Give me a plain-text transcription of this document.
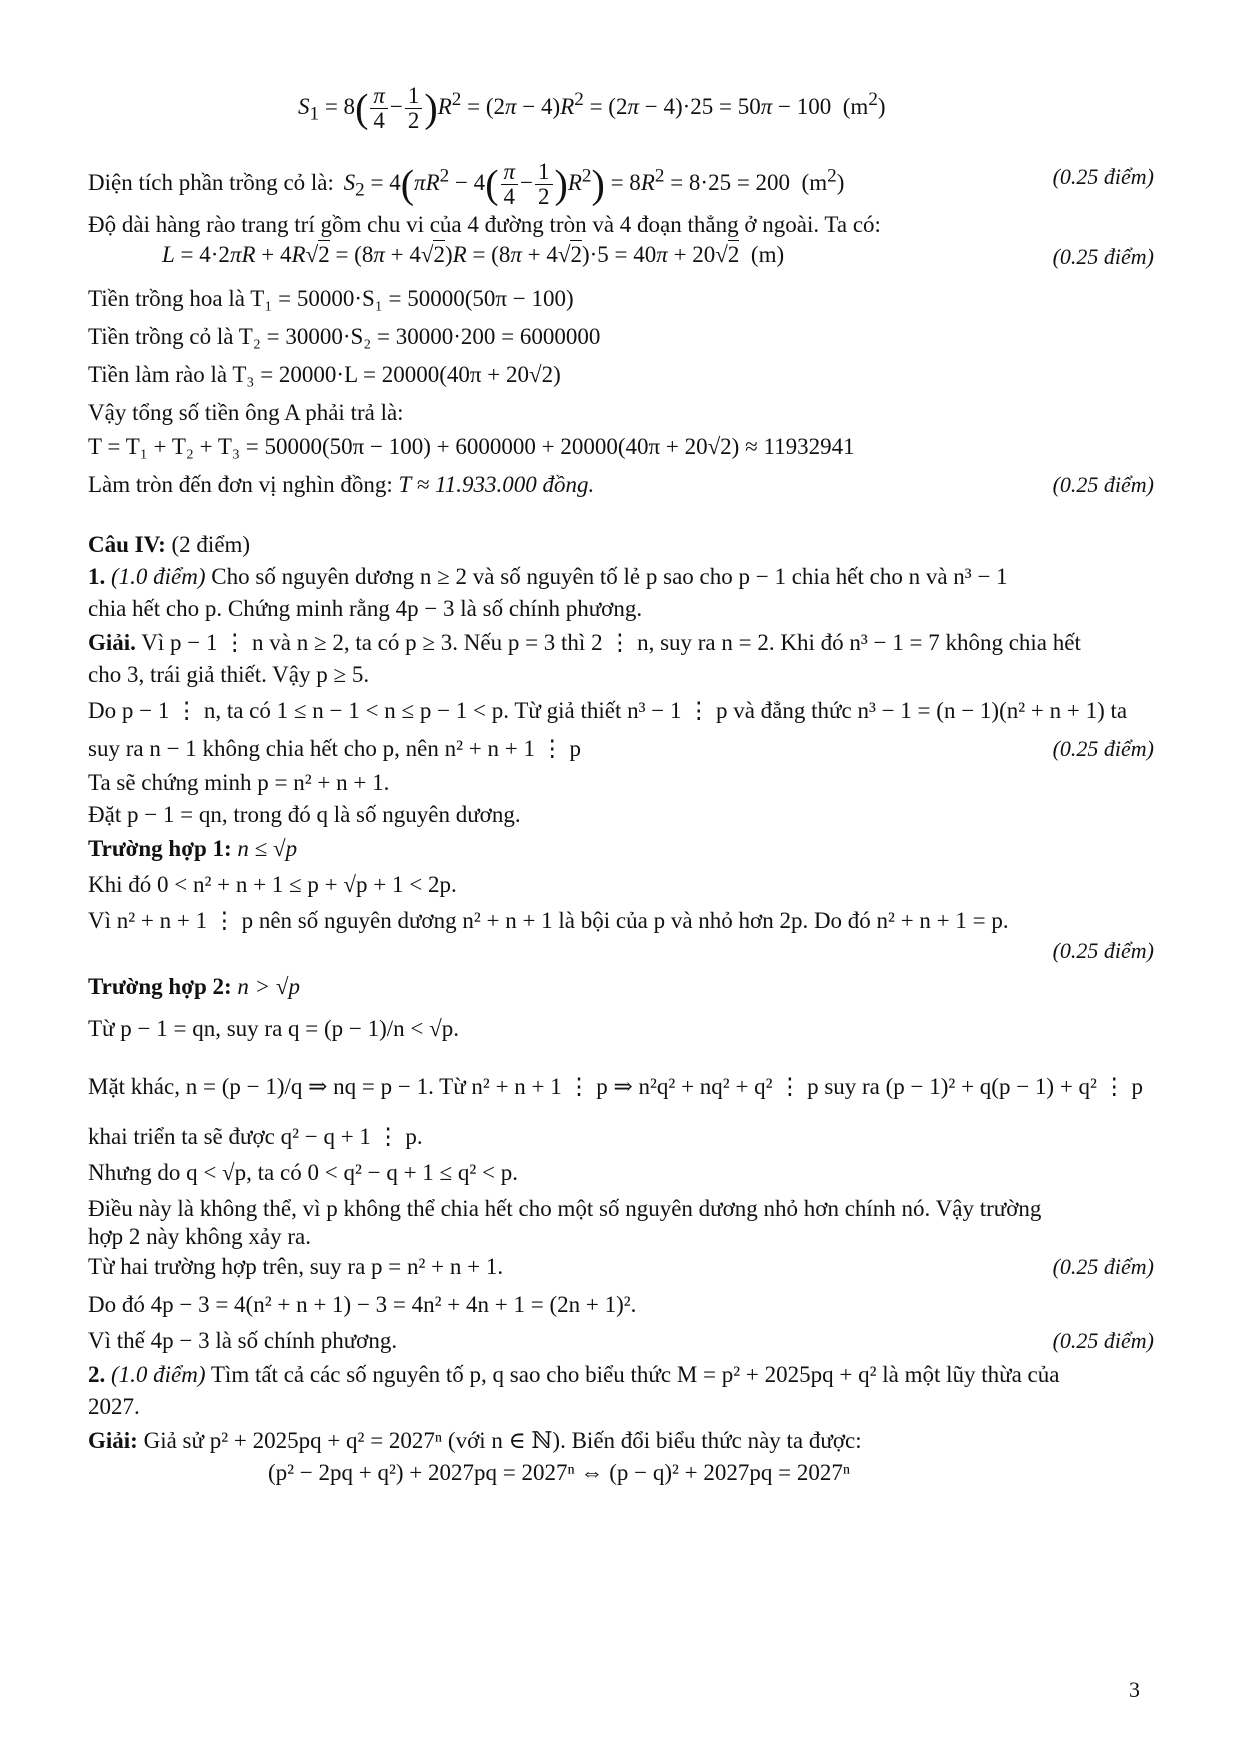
$S_1 = 8( \frac{\pi}{4} - \frac{1}{2} )R^2 = (2\pi - 4)R^2 = (2\pi - 4)\cdot 25 = 50\pi - 100$  $(m^2)$
Diện tích phần trồng cỏ là: $S_2 = 4(\pi R^2 - 4( \frac{\pi}{4} - \frac{1}{2} )R^2) = 8R^2 = 8\cdot 25 = 200$  $(m^2)$	(0.25 điểm)
Độ dài hàng rào trang trí gồm chu vi của 4 đường tròn và 4 đoạn thẳng ở ngoài. Ta có:
L = 4·2πR + 4R√2 = (8π + 4√2)R = (8π + 4√2)·5 = 40π + 20√2  (m)	(0.25 điểm)
Tiền trồng hoa là T₁ = 50000·S₁ = 50000(50π − 100)
Tiền trồng cỏ là T₂ = 30000·S₂ = 30000·200 = 6000000
Tiền làm rào là T₃ = 20000·L = 20000(40π + 20√2)
Vậy tổng số tiền ông A phải trả là:
T = T₁ + T₂ + T₃ = 50000(50π − 100) + 6000000 + 20000(40π + 20√2) ≈ 11932941
Làm tròn đến đơn vị nghìn đồng: T ≈ 11.933.000 đồng.	(0.25 điểm)
Câu IV: (2 điểm)
1. (1.0 điểm) Cho số nguyên dương n ≥ 2 và số nguyên tố lẻ p sao cho p − 1 chia hết cho n và n³ − 1
chia hết cho p. Chứng minh rằng 4p − 3 là số chính phương.
Giải. Vì p − 1 ⋮ n và n ≥ 2, ta có p ≥ 3. Nếu p = 3 thì 2 ⋮ n, suy ra n = 2. Khi đó n³ − 1 = 7 không chia hết
cho 3, trái giả thiết. Vậy p ≥ 5.
Do p − 1 ⋮ n, ta có 1 ≤ n − 1 < n ≤ p − 1 < p. Từ giả thiết n³ − 1 ⋮ p và đẳng thức n³ − 1 = (n − 1)(n² + n + 1) ta
suy ra n − 1 không chia hết cho p, nên n² + n + 1 ⋮ p	(0.25 điểm)
Ta sẽ chứng minh p = n² + n + 1.
Đặt p − 1 = qn, trong đó q là số nguyên dương.
Trường hợp 1: n ≤ √p
Khi đó 0 < n² + n + 1 ≤ p + √p + 1 < 2p.
Vì n² + n + 1 ⋮ p nên số nguyên dương n² + n + 1 là bội của p và nhỏ hơn 2p. Do đó n² + n + 1 = p.
(0.25 điểm)
Trường hợp 2: n > √p
Từ p − 1 = qn, suy ra q = (p − 1)/n < √p.
Mặt khác, n = (p − 1)/q ⇒ nq = p − 1. Từ n² + n + 1 ⋮ p ⇒ n²q² + nq² + q² ⋮ p suy ra (p − 1)² + q(p − 1) + q² ⋮ p
khai triển ta sẽ được q² − q + 1 ⋮ p.
Nhưng do q < √p, ta có 0 < q² − q + 1 ≤ q² < p.
Điều này là không thể, vì p không thể chia hết cho một số nguyên dương nhỏ hơn chính nó. Vậy trường
hợp 2 này không xảy ra.
Từ hai trường hợp trên, suy ra p = n² + n + 1.	(0.25 điểm)
Do đó 4p − 3 = 4(n² + n + 1) − 3 = 4n² + 4n + 1 = (2n + 1)².
Vì thế 4p − 3 là số chính phương.	(0.25 điểm)
2. (1.0 điểm) Tìm tất cả các số nguyên tố p, q sao cho biểu thức M = p² + 2025pq + q² là một lũy thừa của
2027.
Giải: Giả sử p² + 2025pq + q² = 2027ⁿ (với n ∈ ℕ). Biến đổi biểu thức này ta được:
(p² − 2pq + q²) + 2027pq = 2027ⁿ ⇔ (p − q)² + 2027pq = 2027ⁿ
3
